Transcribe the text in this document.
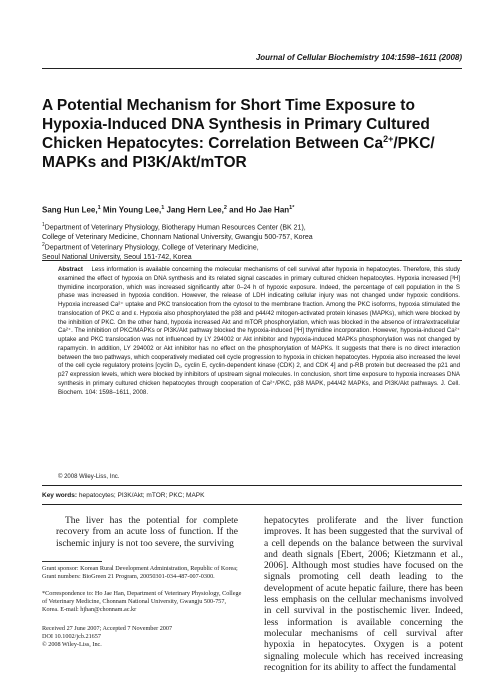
Journal of Cellular Biochemistry 104:1598–1611 (2008)
A Potential Mechanism for Short Time Exposure to Hypoxia-Induced DNA Synthesis in Primary Cultured Chicken Hepatocytes: Correlation Between $Ca^{2+}/PKC/$ MAPKs and PI3K/Akt/mTOR
Sang Hun Lee,$^1$ Min Young Lee,$^1$ Jang Hern Lee,$^2$ and Ho Jae Han$^{1*}$
$^1$Department of Veterinary Physiology, Biotherapy Human Resources Center (BK 21),
College of Veterinary Medicine, Chonnam National University, Gwangju 500-757, Korea
$^2$Department of Veterinary Physiology, College of Veterinary Medicine,
Seoul National University, Seoul 151-742, Korea
Abstract Less information is available concerning the molecular mechanisms of cell survival after hypoxia in hepatocytes. Therefore, this study examined the effect of hypoxia on DNA synthesis and its related signal cascades in primary cultured chicken hepatocytes. Hypoxia increased [³H] thymidine incorporation, which was increased significantly after 0–24 h of hypoxic exposure. Indeed, the percentage of cell population in the S phase was increased in hypoxia condition. However, the release of LDH indicating cellular injury was not changed under hypoxic conditions. Hypoxia increased Ca²⁺ uptake and PKC translocation from the cytosol to the membrane fraction. Among the PKC isoforms, hypoxia stimulated the translocation of PKC α and ε. Hypoxia also phosphorylated the p38 and p44/42 mitogen-activated protein kinases (MAPKs), which were blocked by the inhibition of PKC. On the other hand, hypoxia increased Akt and mTOR phosphorylation, which was blocked in the absence of intra/extracellular Ca²⁺. The inhibition of PKC/MAPKs or PI3K/Akt pathway blocked the hypoxia-induced [³H] thymidine incorporation. However, hypoxia-induced Ca²⁺ uptake and PKC translocation was not influenced by LY 294002 or Akt inhibitor and hypoxia-induced MAPKs phosphorylation was not changed by rapamycin. In addition, LY 294002 or Akt inhibitor has no effect on the phosphorylation of MAPKs. It suggests that there is no direct interaction between the two pathways, which cooperatively mediated cell cycle progression to hypoxia in chicken hepatocytes. Hypoxia also increased the level of the cell cycle regulatory proteins [cyclin D₁, cyclin E, cyclin-dependent kinase (CDK) 2, and CDK 4] and p-RB protein but decreased the p21 and p27 expression levels, which were blocked by inhibitors of upstream signal molecules. In conclusion, short time exposure to hypoxia increases DNA synthesis in primary cultured chicken hepatocytes through cooperation of Ca²⁺/PKC, p38 MAPK, p44/42 MAPKs, and PI3K/Akt pathways. J. Cell. Biochem. 104: 1598–1611, 2008.
© 2008 Wiley-Liss, Inc.
Key words: hepatocytes; PI3K/Akt; mTOR; PKC; MAPK
The liver has the potential for complete recovery from an acute loss of function. If the ischemic injury is not too severe, the surviving
Grant sponsor: Korean Rural Development Administration, Republic of Korea; Grant numbers: BioGreen 21 Program, 20050301-034-487-007-0300.
*Correspondence to: Ho Jae Han, Department of Veterinary Physiology, College of Veterinary Medicine, Chonnam National University, Gwangju 500-757, Korea. E-mail: hjhan@chonnam.ac.kr
Received 27 June 2007; Accepted 7 November 2007
DOI 10.1002/jcb.21657
© 2008 Wiley-Liss, Inc.
hepatocytes proliferate and the liver function improves. It has been suggested that the survival of a cell depends on the balance between the survival and death signals [Ebert, 2006; Kietzmann et al., 2006]. Although most studies have focused on the signals promoting cell death leading to the development of acute hepatic failure, there has been less emphasis on the cellular mechanisms involved in cell survival in the postischemic liver. Indeed, less information is available concerning the molecular mechanisms of cell survival after hypoxia in hepatocytes. Oxygen is a potent signaling molecule which has received increasing recognition for its ability to affect the fundamental
